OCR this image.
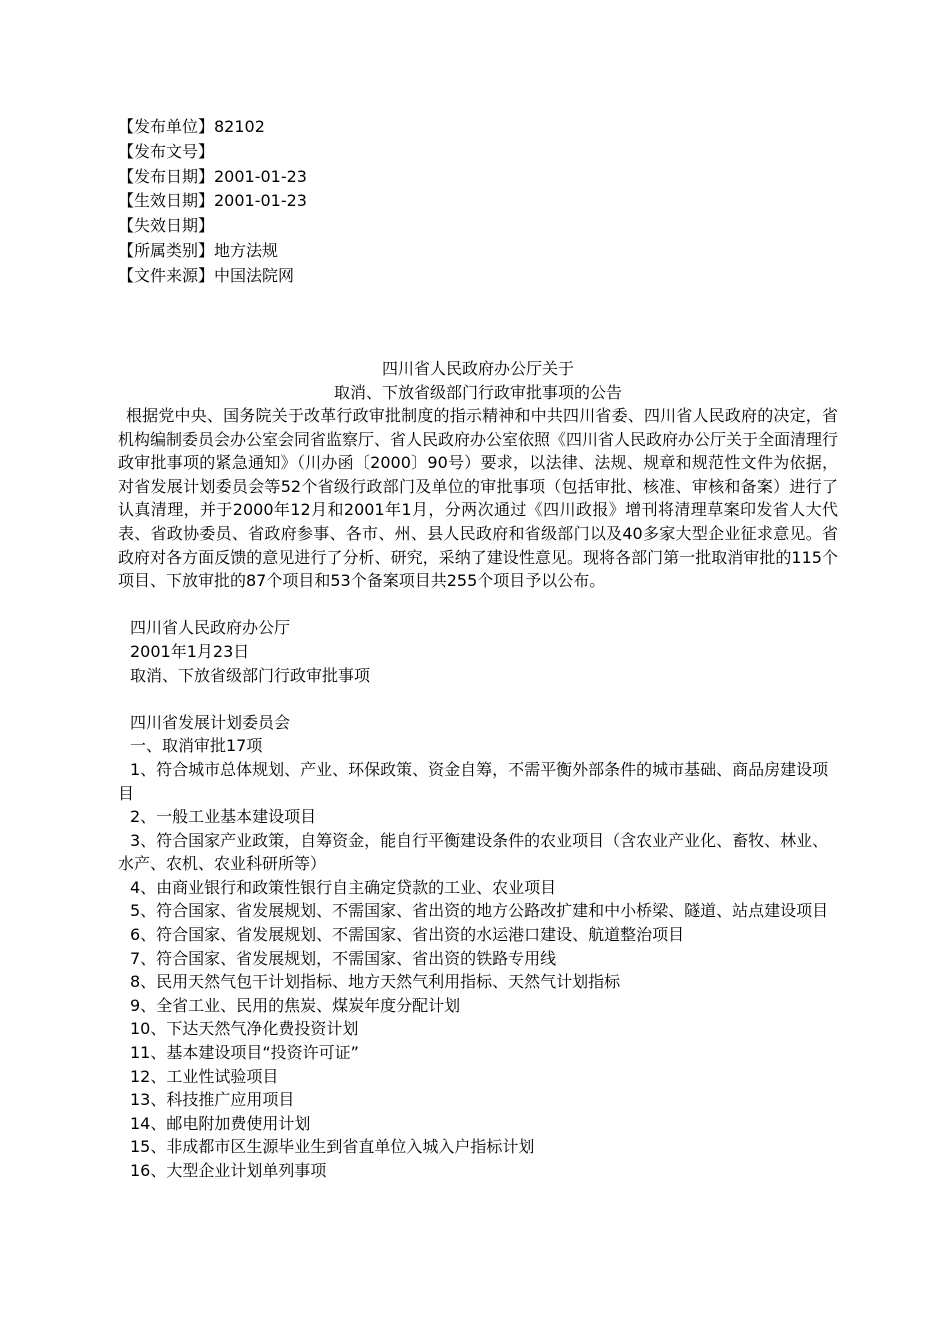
【发布单位】82102
【发布文号】
【发布日期】2001-01-23
【生效日期】2001-01-23
【失效日期】
【所属类别】地方法规
【文件来源】中国法院网
四川省人民政府办公厅关于
取消、下放省级部门行政审批事项的公告
根据党中央、国务院关于改革行政审批制度的指示精神和中共四川省委、四川省人民政府的决定，省机构编制委员会办公室会同省监察厅、省人民政府办公室依照《四川省人民政府办公厅关于全面清理行政审批事项的紧急通知》（川办函〔2000〕90号）要求，以法律、法规、规章和规范性文件为依据，对省发展计划委员会等52个省级行政部门及单位的审批事项（包括审批、核准、审核和备案）进行了认真清理，并于2000年12月和2001年1月，分两次通过《四川政报》增刊将清理草案印发省人大代表、省政协委员、省政府参事、各市、州、县人民政府和省级部门以及40多家大型企业征求意见。省政府对各方面反馈的意见进行了分析、研究，采纳了建设性意见。现将各部门第一批取消审批的115个项目、下放审批的87个项目和53个备案项目共255个项目予以公布。
四川省人民政府办公厅
2001年1月23日
取消、下放省级部门行政审批事项
四川省发展计划委员会
一、取消审批17项
1、符合城市总体规划、产业、环保政策、资金自筹，不需平衡外部条件的城市基础、商品房建设项目
2、一般工业基本建设项目
3、符合国家产业政策，自筹资金，能自行平衡建设条件的农业项目（含农业产业化、畜牧、林业、水产、农机、农业科研所等）
4、由商业银行和政策性银行自主确定贷款的工业、农业项目
5、符合国家、省发展规划、不需国家、省出资的地方公路改扩建和中小桥梁、隧道、站点建设项目
6、符合国家、省发展规划、不需国家、省出资的水运港口建设、航道整治项目
7、符合国家、省发展规划，不需国家、省出资的铁路专用线
8、民用天然气包干计划指标、地方天然气利用指标、天然气计划指标
9、全省工业、民用的焦炭、煤炭年度分配计划
10、下达天然气净化费投资计划
11、基本建设项目“投资许可证”
12、工业性试验项目
13、科技推广应用项目
14、邮电附加费使用计划
15、非成都市区生源毕业生到省直单位入城入户指标计划
16、大型企业计划单列事项
